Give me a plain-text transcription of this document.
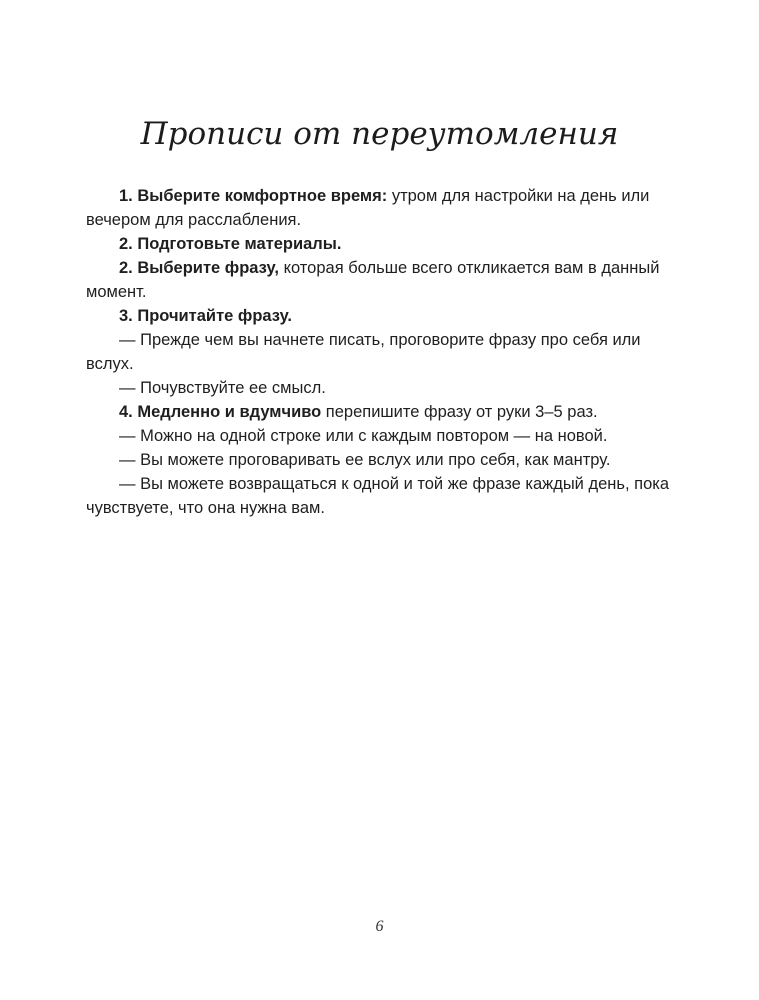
Прописи от переутомления

1. Выберите комфортное время: утром для настройки на день или вечером для расслабления.

2. Подготовьте материалы.

2. Выберите фразу, которая больше всего откликается вам в данный момент.

3. Прочитайте фразу.

— Прежде чем вы начнете писать, проговорите фразу про себя или вслух.

— Почувствуйте ее смысл.

4. Медленно и вдумчиво перепишите фразу от руки 3–5 раз.

— Можно на одной строке или с каждым повтором — на новой.

— Вы можете проговаривать ее вслух или про себя, как мантру.

— Вы можете возвращаться к одной и той же фразе каждый день, пока чувствуете, что она нужна вам.

6
